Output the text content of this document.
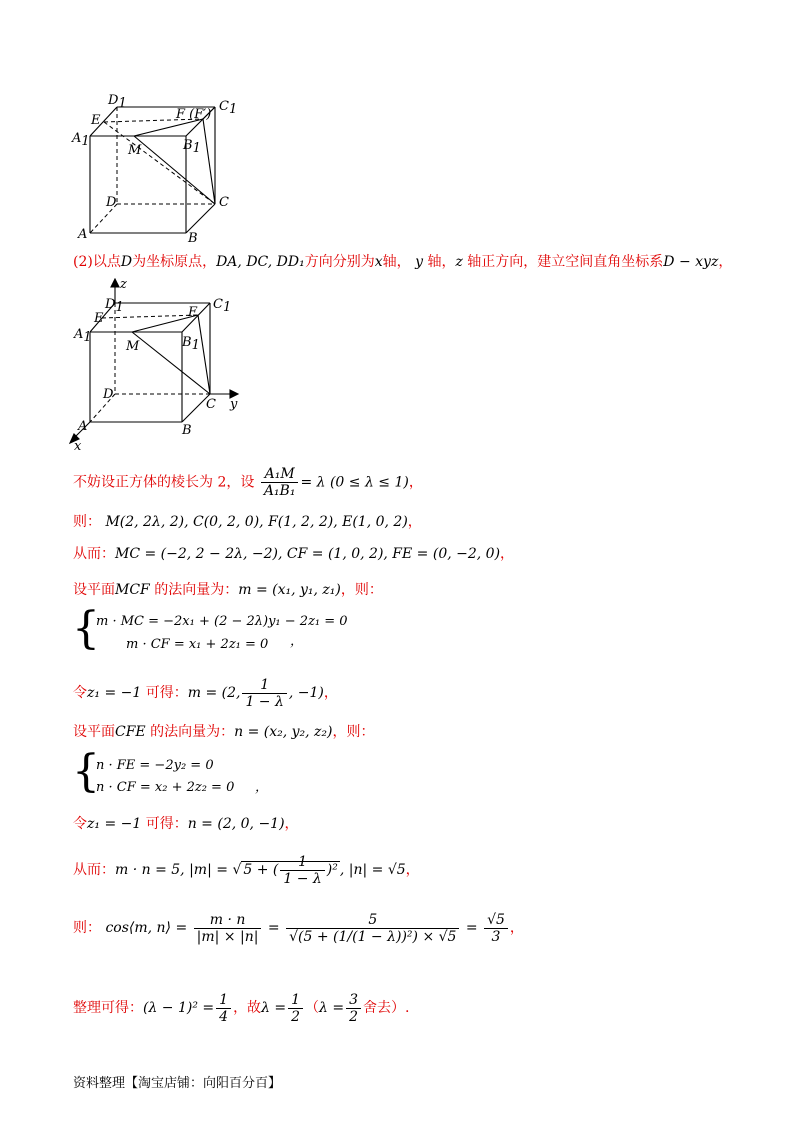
D1	C1
A1	B1
E	F (F′)
M
D	C
A	B
(2)以点D为坐标原点，DA, DC, DD₁方向分别为x轴， y 轴，z 轴正方向，建立空间直角坐标系D − xyz，
z
y
x
D1	C1
A1	B1
E	F
M
D
C
A	B
不妨设正方体的棱长为 2，设 $\frac{\text{A₁M}}{\text{A₁B₁}} = \lambda$ (0 ≤ λ ≤ 1)，
则： M(2, 2λ, 2), C(0, 2, 0), F(1, 2, 2), E(1, 0, 2)，
从而：MC = (−2, 2 − 2λ, −2), CF = (1, 0, 2), FE = (0, −2, 0)，
设平面MCF 的法向量为：m = (x₁, y₁, z₁)，则：
{
m · MC = −2x₁ + (2 − 2λ)y₁ − 2z₁ = 0
m · CF = x₁ + 2z₁ = 0 ，
令z₁ = −1 可得：m = (2, $\frac{1}{1 - \lambda}$ , −1)，
设平面CFE 的法向量为：n = (x₂, y₂, z₂)，则：
{
n · FE = −2y₂ = 0
n · CF = x₂ + 2z₂ = 0 ，
令z₁ = −1 可得：n = (2, 0, −1)，
从而：m · n = 5, |m| = √ 5 + ( $\frac{1}{1 - \lambda} )^2$ , |n| = √5，
则： cos⟨m, n⟩ = $\frac{m \cdot n}{|m| \times |n|} = \frac{5}{\text{√(5 + (1/(1 − λ))²) × √5}} = \frac{√5}{3}$ ，
整理可得：$(\lambda - 1)^2 = \frac{1}{4}$ ，故$\lambda = \frac{1}{2} (\lambda = \frac{3}{2}$ 舍去）.
资料整理【淘宝店铺：向阳百分百】
